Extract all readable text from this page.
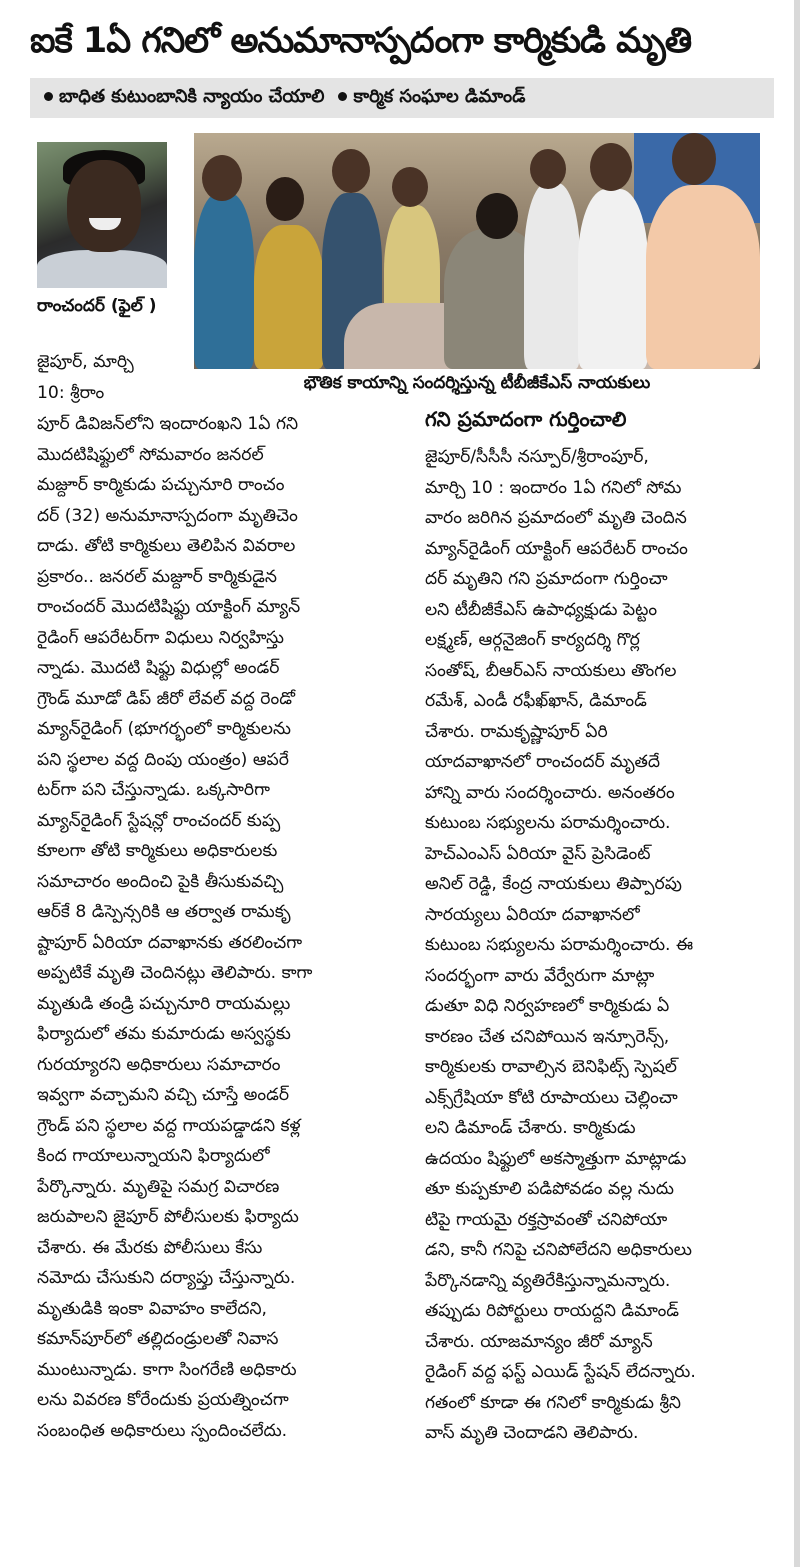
ఐకే 1ఏ గనిలో అనుమానాస్పదంగా కార్మికుడి మృతి
బాధిత కుటుంబానికి న్యాయం చేయాలి	కార్మిక సంఘాల డిమాండ్
రాంచందర్ (ఫైల్ )
భౌతిక కాయాన్ని సందర్శిస్తున్న టీబీజీకేఎస్ నాయకులు
జైపూర్, మార్చి
10: శ్రీరాం
పూర్ డివిజన్‌లోని ఇందారంఖని 1ఏ గని
మొదటిషిఫ్టులో సోమవారం జనరల్
మజ్దూర్ కార్మికుడు పచ్చునూరి రాంచం
దర్ (32) అనుమానాస్పదంగా మృతిచెం
దాడు. తోటి కార్మికులు తెలిపిన వివరాల
ప్రకారం.. జనరల్ మజ్దూర్ కార్మికుడైన
రాంచందర్ మొదటిషిఫ్టు యాక్టింగ్ మ్యాన్
రైడింగ్ ఆపరేటర్‌గా విధులు నిర్వహిస్తు
న్నాడు. మొదటి షిఫ్టు విధుల్లో అండర్
గ్రౌండ్ మూడో డిప్ జీరో లేవల్ వద్ద రెండో
మ్యాన్‌రైడింగ్ (భూగర్భంలో కార్మికులను
పని స్థలాల వద్ద దింపు యంత్రం) ఆపరే
టర్‌గా పని చేస్తున్నాడు. ఒక్కసారిగా
మ్యాన్‌రైడింగ్ స్టేషన్లో రాంచందర్ కుప్ప
కూలగా తోటి కార్మికులు అధికారులకు
సమాచారం అందించి పైకి తీసుకువచ్చి
ఆర్‌కే 8 డిస్పెన్సరికి ఆ తర్వాత రామకృ
ష్టాపూర్ ఏరియా దవాఖానకు తరలించగా
అప్పటికే మృతి చెందినట్లు తెలిపారు. కాగా
మృతుడి తండ్రి పచ్చునూరి రాయమల్లు
ఫిర్యాదులో తమ కుమారుడు అస్వస్థకు
గురయ్యారని అధికారులు సమాచారం
ఇవ్వగా వచ్చామని వచ్చి చూస్తే అండర్
గ్రౌండ్ పని స్థలాల వద్ద గాయపడ్డాడని కళ్ల
కింద గాయాలున్నాయని ఫిర్యాదులో
పేర్కొన్నారు. మృతిపై సమగ్ర విచారణ
జరుపాలని జైపూర్ పోలీసులకు ఫిర్యాదు
చేశారు. ఈ మేరకు పోలీసులు కేసు
నమోదు చేసుకుని దర్యాప్తు చేస్తున్నారు.
మృతుడికి ఇంకా వివాహం కాలేదని,
కమాన్‌పూర్‌లో తల్లిదండ్రులతో నివాస
ముంటున్నాడు. కాగా సింగరేణి అధికారు
లను వివరణ కోరేందుకు ప్రయత్నించగా
సంబంధిత అధికారులు స్పందించలేదు.
గని ప్రమాదంగా గుర్తించాలి
జైపూర్/సీసీసీ నస్పూర్/శ్రీరాంపూర్,
మార్చి 10 : ఇందారం 1ఏ గనిలో సోమ
వారం జరిగిన ప్రమాదంలో మృతి చెందిన
మ్యాన్‌రైడింగ్ యాక్టింగ్ ఆపరేటర్ రాంచం
దర్ మృతిని గని ప్రమాదంగా గుర్తించా
లని టీబీజీకేఎస్ ఉపాధ్యక్షుడు పెట్టం
లక్ష్మణ్, ఆర్గనైజింగ్ కార్యదర్శి గొర్ల
సంతోష్, బీఆర్‌ఎస్ నాయకులు తొంగల
రమేశ్, ఎండీ రఫీఖ్‌ఖాన్, డిమాండ్
చేశారు. రామకృష్ణాపూర్ ఏరి
యాదవాఖానలో రాంచందర్ మృతదే
హాన్ని వారు సందర్శించారు. అనంతరం
కుటుంబ సభ్యులను పరామర్శించారు.
హెచ్‌ఎంఎస్ ఏరియా వైస్ ప్రెసిడెంట్
అనిల్ రెడ్డి, కేంద్ర నాయకులు తిప్పారపు
సారయ్యలు ఏరియా దవాఖానలో
కుటుంబ సభ్యులను పరామర్శించారు. ఈ
సందర్భంగా వారు వేర్వేరుగా మాట్లా
డుతూ విధి నిర్వహణలో కార్మికుడు ఏ
కారణం చేత చనిపోయిన ఇన్సూరెన్స్,
కార్మికులకు రావాల్సిన బెనిఫిట్స్ స్పెషల్
ఎక్స్‌గ్రేషియా కోటి రూపాయలు చెల్లించా
లని డిమాండ్ చేశారు. కార్మికుడు
ఉదయం షిఫ్టులో అకస్మాత్తుగా మాట్లాడు
తూ కుప్పకూలి పడిపోవడం వల్ల నుదు
టిపై గాయమై రక్తస్రావంతో చనిపోయా
డని, కానీ గనిపై చనిపోలేదని అధికారులు
పేర్కొనడాన్ని వ్యతిరేకిస్తున్నామన్నారు.
తప్పుడు రిపోర్టులు రాయద్దని డిమాండ్
చేశారు. యాజమాన్యం జీరో మ్యాన్
రైడింగ్ వద్ద ఫస్ట్ ఎయిడ్ స్టేషన్ లేదన్నారు.
గతంలో కూడా ఈ గనిలో కార్మికుడు శ్రీని
వాస్ మృతి చెందాడని తెలిపారు.
